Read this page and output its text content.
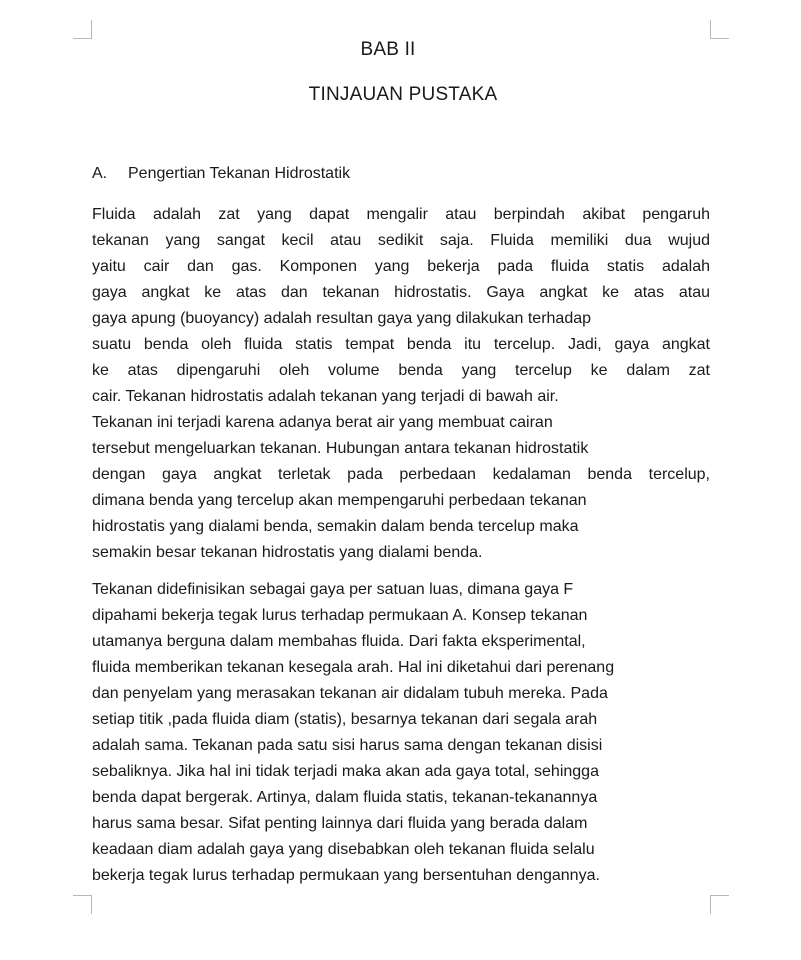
BAB II
TINJAUAN PUSTAKA
A.	Pengertian Tekanan Hidrostatik
Fluida adalah zat yang dapat mengalir atau berpindah akibat pengaruh
tekanan yang sangat kecil atau sedikit saja. Fluida memiliki dua wujud
yaitu cair dan gas. Komponen yang bekerja pada fluida statis adalah
gaya angkat ke atas dan tekanan hidrostatis. Gaya angkat ke atas atau
gaya apung (buoyancy) adalah resultan gaya yang dilakukan terhadap
suatu benda oleh fluida statis tempat benda itu tercelup. Jadi, gaya angkat
ke atas dipengaruhi oleh volume benda yang tercelup ke dalam zat
cair. Tekanan hidrostatis adalah tekanan yang terjadi di bawah air.
Tekanan ini terjadi karena adanya berat air yang membuat cairan
tersebut mengeluarkan tekanan. Hubungan antara tekanan hidrostatik
dengan gaya angkat terletak pada perbedaan kedalaman benda tercelup,
dimana benda yang tercelup akan mempengaruhi perbedaan tekanan
hidrostatis yang dialami benda, semakin dalam benda tercelup maka
semakin besar tekanan hidrostatis yang dialami benda.
Tekanan didefinisikan sebagai gaya per satuan luas, dimana gaya F
dipahami bekerja tegak lurus terhadap permukaan A. Konsep tekanan
utamanya berguna dalam membahas fluida. Dari fakta eksperimental,
fluida memberikan tekanan kesegala arah. Hal ini diketahui dari perenang
dan penyelam yang merasakan tekanan air didalam tubuh mereka. Pada
setiap titik ,pada fluida diam (statis), besarnya tekanan dari segala arah
adalah sama. Tekanan pada satu sisi harus sama dengan tekanan disisi
sebaliknya. Jika hal ini tidak terjadi maka akan ada gaya total, sehingga
benda dapat bergerak. Artinya, dalam fluida statis, tekanan-tekanannya
harus sama besar. Sifat penting lainnya dari fluida yang berada dalam
keadaan diam adalah gaya yang disebabkan oleh tekanan fluida selalu
bekerja tegak lurus terhadap permukaan yang bersentuhan dengannya.
